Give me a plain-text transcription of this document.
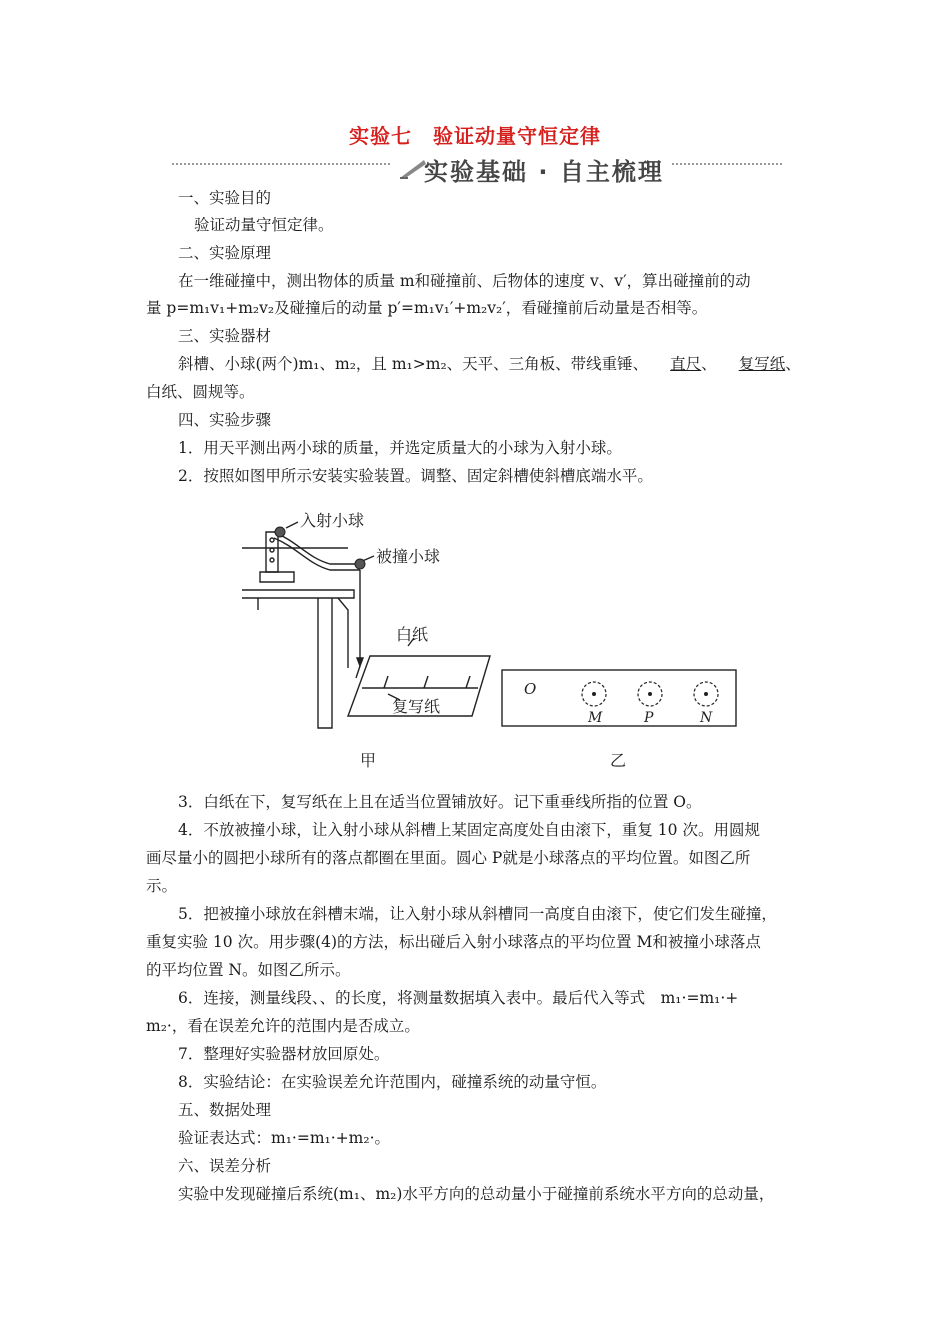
实验七　验证动量守恒定律
实验基础 · 自主梳理
一、实验目的
验证动量守恒定律。
二、实验原理
在一维碰撞中，测出物体的质量 m和碰撞前、后物体的速度 v、v′，算出碰撞前的动
量 p=m₁v₁+m₂v₂及碰撞后的动量 p′=m₁v₁′+m₂v₂′，看碰撞前后动量是否相等。
三、实验器材
斜槽、小球(两个)m₁、m₂，且 m₁>m₂、天平、三角板、带线重锤、 直尺、 复写纸、
白纸、圆规等。
四、实验步骤
1．用天平测出两小球的质量，并选定质量大的小球为入射小球。
2．按照如图甲所示安装实验装置。调整、固定斜槽使斜槽底端水平。
入射小球
被撞小球
白纸
复写纸
O
M	P	N
甲	乙
3．白纸在下，复写纸在上且在适当位置铺放好。记下重垂线所指的位置 O。
4．不放被撞小球，让入射小球从斜槽上某固定高度处自由滚下，重复 10 次。用圆规
画尽量小的圆把小球所有的落点都圈在里面。圆心 P就是小球落点的平均位置。如图乙所
示。
5．把被撞小球放在斜槽末端，让入射小球从斜槽同一高度自由滚下，使它们发生碰撞，
重复实验 10 次。用步骤(4)的方法，标出碰后入射小球落点的平均位置 M和被撞小球落点
的平均位置 N。如图乙所示。
6．连接，测量线段、、的长度，将测量数据填入表中。最后代入等式　m₁·=m₁·+
m₂·，看在误差允许的范围内是否成立。
7．整理好实验器材放回原处。
8．实验结论：在实验误差允许范围内，碰撞系统的动量守恒。
五、数据处理
验证表达式：m₁·=m₁·+m₂·。
六、误差分析
实验中发现碰撞后系统(m₁、m₂)水平方向的总动量小于碰撞前系统水平方向的总动量，
